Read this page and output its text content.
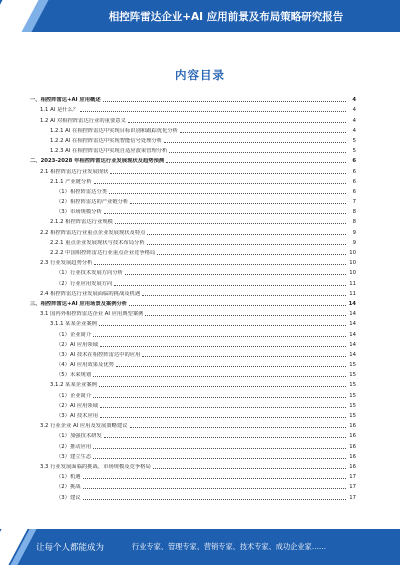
相控阵雷达企业+AI 应用前景及布局策略研究报告
内容目录
一、相控阵雷达+AI 应用概述	4
1.1 AI 是什么？	4
1.2 AI 对相控阵雷达行业的重要意义	4
1.2.1 AI 在相控阵雷达中实现目标识别和跟踪优化分析	4
1.2.2 AI 在相控阵雷达中实现智能信号处理分析	5
1.2.3 AI 在相控阵雷达中实现自适应波束管理分析	5
二、2023-2028 年相控阵雷达行业发展现状及趋势预测	6
2.1 相控阵雷达行业发展现状	6
2.1.1 产业链分析	6
（1）相控阵雷达分类	6
（2）相控阵雷达的产业链分析	7
（3）市场规模分析	8
2.1.2 相控阵雷达行业规模	8
2.2 相控阵雷达行业重点企业发展现状及特点	9
2.2.1 重点企业发展现状与技术布局分析	9
2.2.2 中国相控阵雷达行业重点企业竞争格局	10
2.3 行业发展趋势分析	10
（1）行业技术发展方向分析	10
（2）行业应用发展方向	11
2.4 相控阵雷达行业发展面临的挑战及机遇	11
三、相控阵雷达+AI 应用场景及案例分析	14
3.1 国内外相控阵雷达企业 AI 应用典型案例	14
3.1.1 某某企业案例	14
（1）企业简介	14
（2）AI 应用领域	14
（3）AI 技术在相控阵雷达中的应用	14
（4）AI 应用效果及优势	15
（5）未来规划	15
3.1.2 某某企业案例	15
（1）企业简介	15
（2）AI 应用领域	15
（3）AI 技术应用	15
3.2 行业企业 AI 应用及发展策略建议	16
（1）加强技术研发	16
（2）推动应用	16
（3）建立生态	16
3.3 行业发展面临的挑战、市场规模及竞争格局	16
（1）机遇	17
（2）挑战	17
（3）建议	17
让每个人都能成为	行业专家、管理专家、营销专家、技术专家、成功企业家……
